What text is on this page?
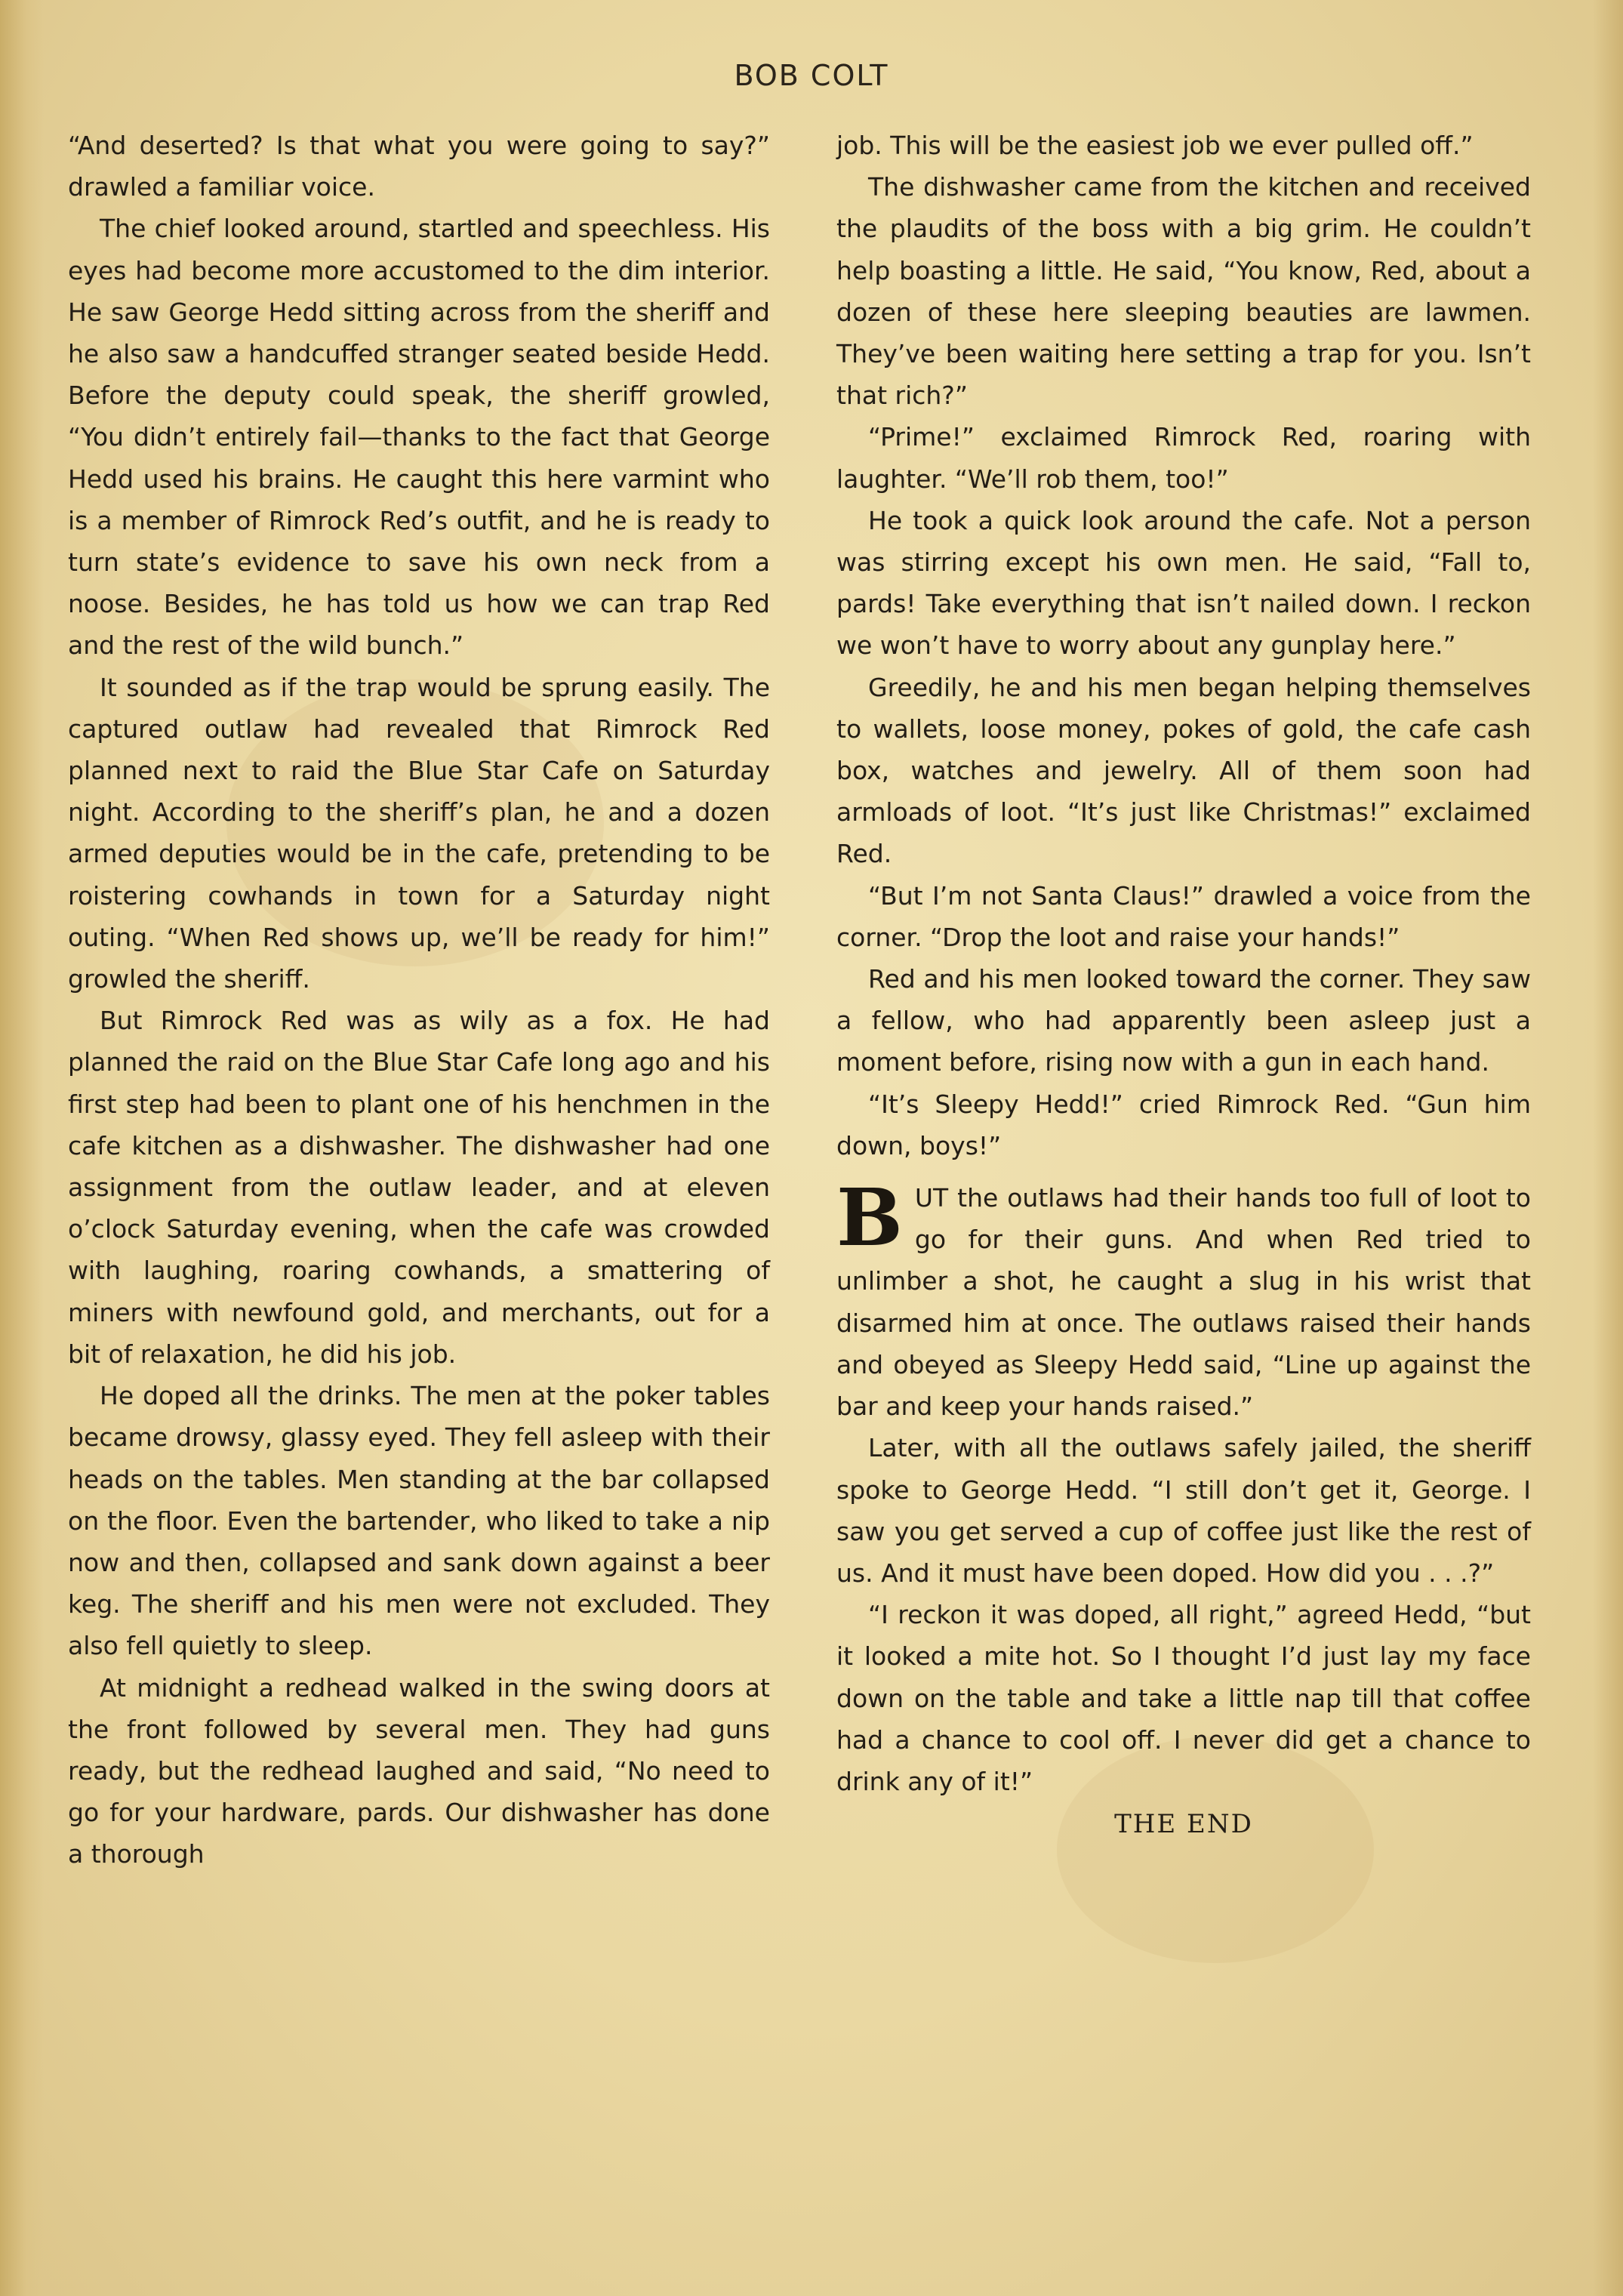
BOB COLT

“And deserted? Is that what you were going to say?” drawled a familiar voice.

The chief looked around, startled and speechless. His eyes had become more accustomed to the dim interior. He saw George Hedd sitting across from the sheriff and he also saw a handcuffed stranger seated beside Hedd. Before the deputy could speak, the sheriff growled, “You didn’t entirely fail—thanks to the fact that George Hedd used his brains. He caught this here varmint who is a member of Rimrock Red’s outfit, and he is ready to turn state’s evidence to save his own neck from a noose. Besides, he has told us how we can trap Red and the rest of the wild bunch.”

It sounded as if the trap would be sprung easily. The captured outlaw had revealed that Rimrock Red planned next to raid the Blue Star Cafe on Saturday night. According to the sheriff’s plan, he and a dozen armed deputies would be in the cafe, pretending to be roistering cowhands in town for a Saturday night outing. “When Red shows up, we’ll be ready for him!” growled the sheriff.

But Rimrock Red was as wily as a fox. He had planned the raid on the Blue Star Cafe long ago and his first step had been to plant one of his henchmen in the cafe kitchen as a dishwasher. The dishwasher had one assignment from the outlaw leader, and at eleven o’clock Saturday evening, when the cafe was crowded with laughing, roaring cowhands, a smattering of miners with newfound gold, and merchants, out for a bit of relaxation, he did his job.

He doped all the drinks. The men at the poker tables became drowsy, glassy eyed. They fell asleep with their heads on the tables. Men standing at the bar collapsed on the floor. Even the bartender, who liked to take a nip now and then, collapsed and sank down against a beer keg. The sheriff and his men were not excluded. They also fell quietly to sleep.

At midnight a redhead walked in the swing doors at the front followed by several men. They had guns ready, but the redhead laughed and said, “No need to go for your hardware, pards. Our dishwasher has done a thorough

job. This will be the easiest job we ever pulled off.”

The dishwasher came from the kitchen and received the plaudits of the boss with a big grim. He couldn’t help boasting a little. He said, “You know, Red, about a dozen of these here sleeping beauties are lawmen. They’ve been waiting here setting a trap for you. Isn’t that rich?”

“Prime!” exclaimed Rimrock Red, roaring with laughter. “We’ll rob them, too!”

He took a quick look around the cafe. Not a person was stirring except his own men. He said, “Fall to, pards! Take everything that isn’t nailed down. I reckon we won’t have to worry about any gunplay here.”

Greedily, he and his men began helping themselves to wallets, loose money, pokes of gold, the cafe cash box, watches and jewelry. All of them soon had armloads of loot. “It’s just like Christmas!” exclaimed Red.

“But I’m not Santa Claus!” drawled a voice from the corner. “Drop the loot and raise your hands!”

Red and his men looked toward the corner. They saw a fellow, who had apparently been asleep just a moment before, rising now with a gun in each hand.

“It’s Sleepy Hedd!” cried Rimrock Red. “Gun him down, boys!”

BUT the outlaws had their hands too full of loot to go for their guns. And when Red tried to unlimber a shot, he caught a slug in his wrist that disarmed him at once. The outlaws raised their hands and obeyed as Sleepy Hedd said, “Line up against the bar and keep your hands raised.”

Later, with all the outlaws safely jailed, the sheriff spoke to George Hedd. “I still don’t get it, George. I saw you get served a cup of coffee just like the rest of us. And it must have been doped. How did you . . .?”

“I reckon it was doped, all right,” agreed Hedd, “but it looked a mite hot. So I thought I’d just lay my face down on the table and take a little nap till that coffee had a chance to cool off. I never did get a chance to drink any of it!”

THE END
